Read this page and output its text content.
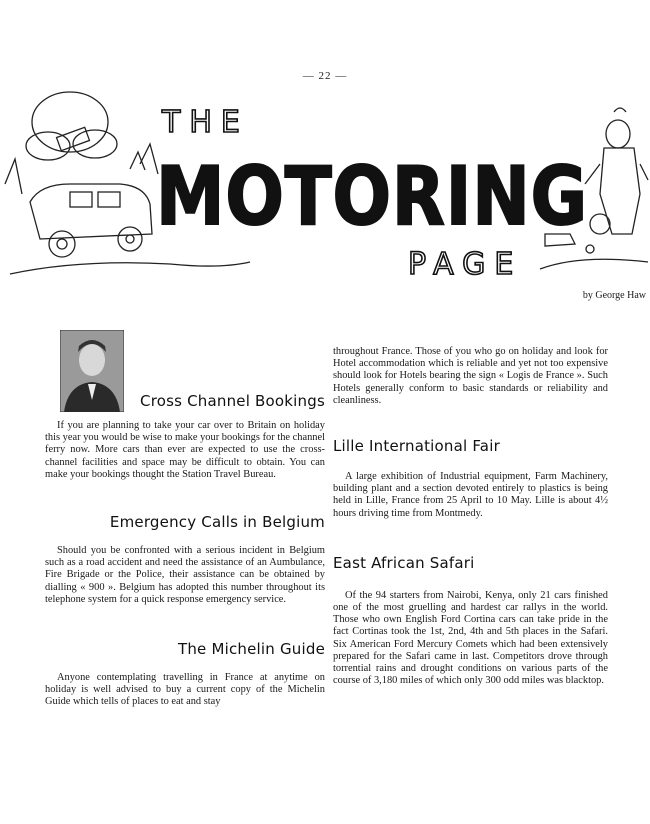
— 22 —
THE
MOTORING
PAGE
by George Haw
Cross Channel Bookings

If you are planning to take your car over to Britain on holiday this year you would be wise to make your bookings for the channel ferry now. More cars than ever are expected to use the cross-channel facilities and space may be difficult to obtain. You can make your bookings thought the Station Travel Bureau.

Emergency Calls in Belgium

Should you be confronted with a serious incident in Belgium such as a road accident and need the assistance of an Aumbulance, Fire Brigade or the Police, their assistance can be obtained by dialling « 900 ». Belgium has adopted this number throughout its telephone system for a quick response emergency service.

The Michelin Guide

Anyone contemplating travelling in France at anytime on holiday is well advised to buy a current copy of the Michelin Guide which tells of places to eat and stay

throughout France. Those of you who go on holiday and look for Hotel accommodation which is reliable and yet not too expensive should look for Hotels bearing the sign « Logis de France ». Such Hotels generally conform to basic standards or reliability and cleanliness.

Lille International Fair

A large exhibition of Industrial equipment, Farm Machinery, building plant and a section devoted entirely to plastics is being held in Lille, France from 25 April to 10 May. Lille is about 4½ hours driving time from Montmedy.

East African Safari

Of the 94 starters from Nairobi, Kenya, only 21 cars finished one of the most gruelling and hardest car rallys in the world. Those who own English Ford Cortina cars can take pride in the fact Cortinas took the 1st, 2nd, 4th and 5th places in the Safari. Six American Ford Mercury Comets which had been extensively prepared for the Safari came in last. Competitors drove through torrential rains and drought conditions on various parts of the course of 3,180 miles of which only 300 odd miles was blacktop.
